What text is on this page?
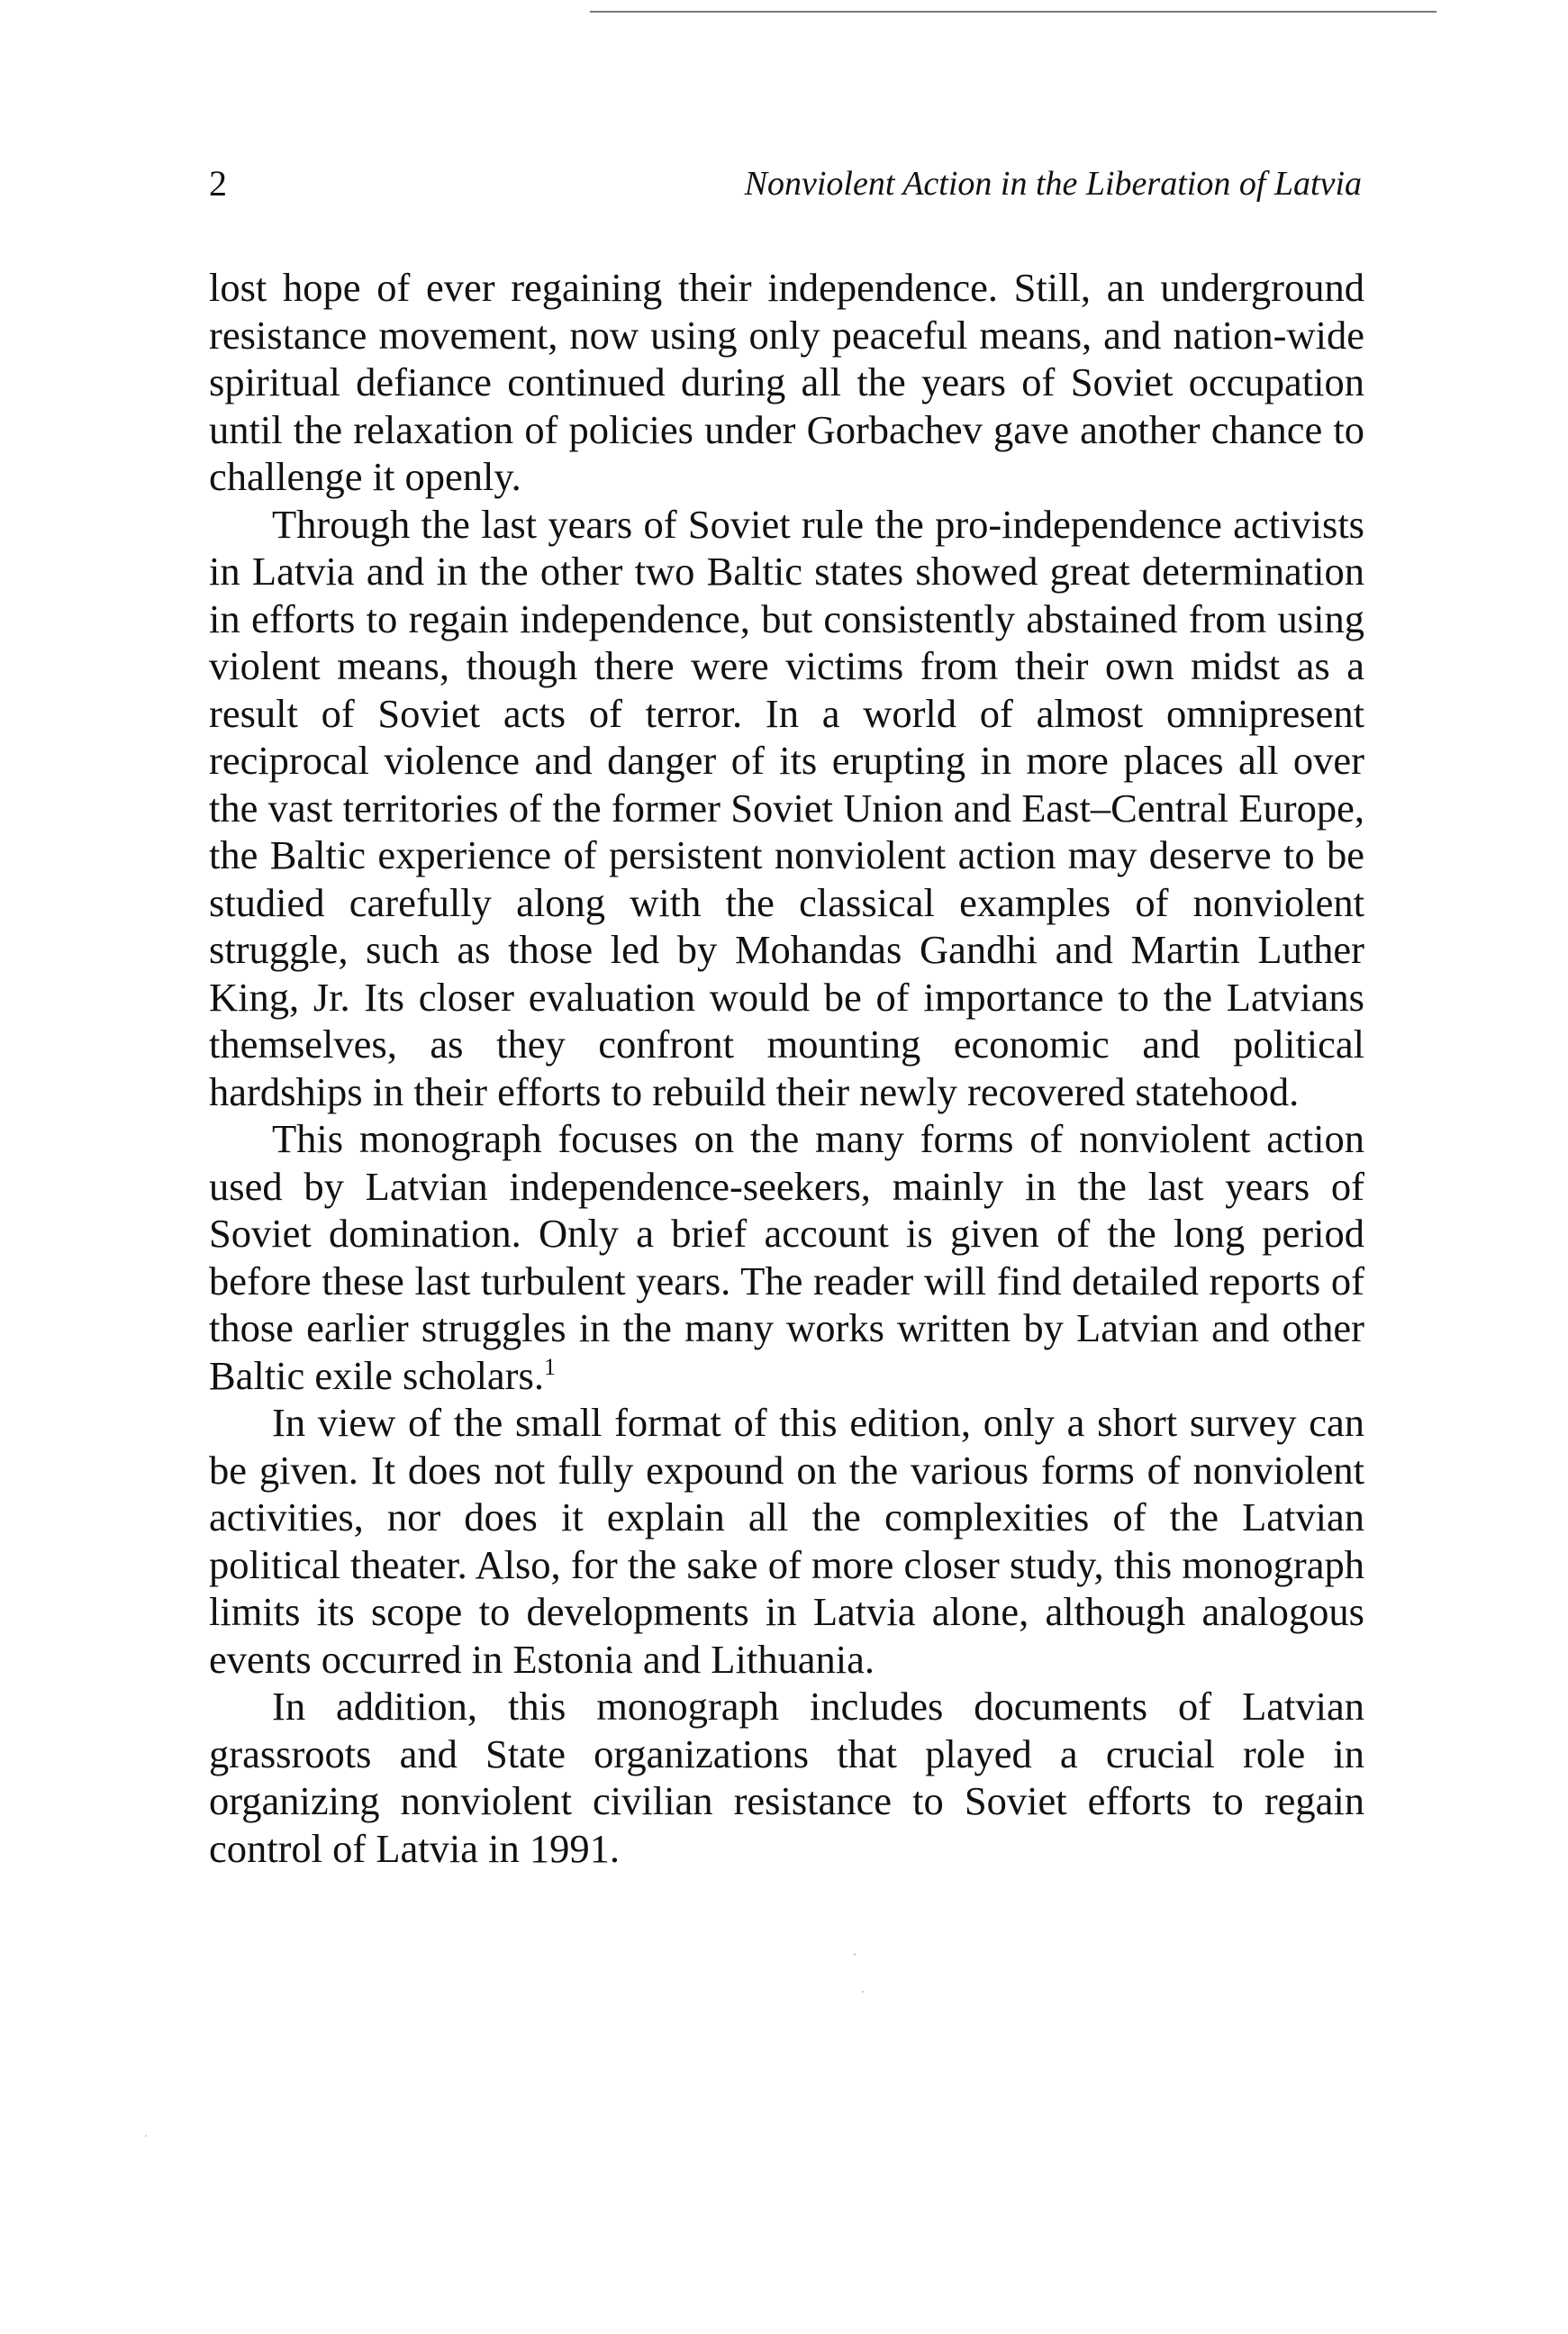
2	Nonviolent Action in the Liberation of Latvia

lost hope of ever regaining their independence. Still, an underground resistance movement, now using only peaceful means, and nation-wide spiritual defiance continued during all the years of Soviet occupation until the relaxation of policies under Gorbachev gave another chance to challenge it openly.

Through the last years of Soviet rule the pro-independence activists in Latvia and in the other two Baltic states showed great determination in efforts to regain independence, but consistently abstained from using violent means, though there were victims from their own midst as a result of Soviet acts of terror. In a world of almost omnipresent reciprocal violence and danger of its erupting in more places all over the vast territories of the former Soviet Union and East–Central Europe, the Baltic experience of persistent nonviolent action may deserve to be studied carefully along with the classical examples of nonviolent struggle, such as those led by Mohandas Gandhi and Martin Luther King, Jr. Its closer evaluation would be of importance to the Latvians themselves, as they confront mounting economic and political hardships in their efforts to rebuild their newly recovered statehood.

This monograph focuses on the many forms of nonviolent action used by Latvian independence-seekers, mainly in the last years of Soviet domination. Only a brief account is given of the long period before these last turbulent years. The reader will find detailed reports of those earlier struggles in the many works written by Latvian and other Baltic exile scholars.$^1$

In view of the small format of this edition, only a short survey can be given. It does not fully expound on the various forms of nonviolent activities, nor does it explain all the complexities of the Latvian political theater. Also, for the sake of more closer study, this monograph limits its scope to developments in Latvia alone, although analogous events occurred in Estonia and Lithuania.

In addition, this monograph includes documents of Latvian grassroots and State organizations that played a crucial role in organizing nonviolent civilian resistance to Soviet efforts to regain control of Latvia in 1991.
